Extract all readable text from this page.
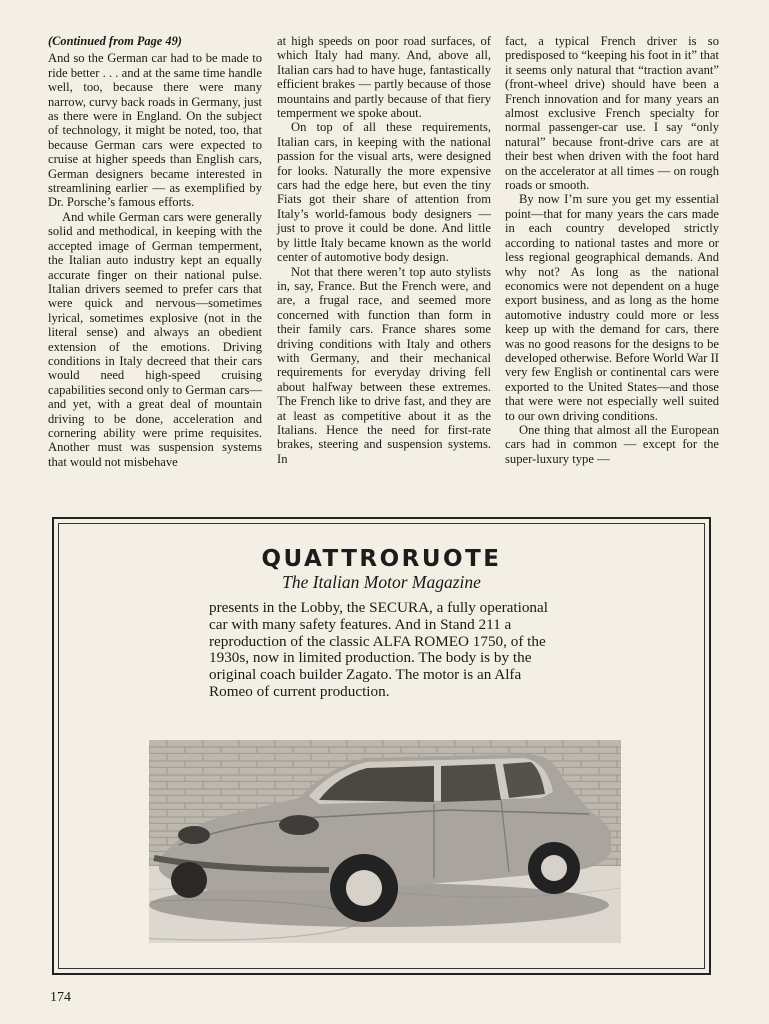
(Continued from Page 49)

And so the German car had to be made to ride better . . . and at the same time handle well, too, because there were many narrow, curvy back roads in Germany, just as there were in England. On the subject of technology, it might be noted, too, that because German cars were expected to cruise at higher speeds than English cars, German designers became interested in streamlining earlier — as exemplified by Dr. Porsche’s famous efforts.

And while German cars were generally solid and methodical, in keeping with the accepted image of German temperment, the Italian auto industry kept an equally accurate finger on their national pulse. Italian drivers seemed to prefer cars that were quick and nervous—sometimes lyrical, sometimes explosive (not in the literal sense) and always an obedient extension of the emotions. Driving conditions in Italy decreed that their cars would need high-speed cruising capabilities second only to German cars—and yet, with a great deal of mountain driving to be done, acceleration and cornering ability were prime requisites. Another must was suspension systems that would not misbehave

at high speeds on poor road surfaces, of which Italy had many. And, above all, Italian cars had to have huge, fantastically efficient brakes — partly because of those mountains and partly because of that fiery temperment we spoke about.

On top of all these requirements, Italian cars, in keeping with the national passion for the visual arts, were designed for looks. Naturally the more expensive cars had the edge here, but even the tiny Fiats got their share of attention from Italy’s world-famous body designers —just to prove it could be done. And little by little Italy became known as the world center of automotive body design.

Not that there weren’t top auto stylists in, say, France. But the French were, and are, a frugal race, and seemed more concerned with function than form in their family cars. France shares some driving conditions with Italy and others with Germany, and their mechanical requirements for everyday driving fell about halfway between these extremes. The French like to drive fast, and they are at least as competitive about it as the Italians. Hence the need for first-rate brakes, steering and suspension systems. In

fact, a typical French driver is so predisposed to “keeping his foot in it” that it seems only natural that “traction avant” (front-wheel drive) should have been a French innovation and for many years an almost exclusive French specialty for normal passenger-car use. I say “only natural” because front-drive cars are at their best when driven with the foot hard on the accelerator at all times — on rough roads or smooth.

By now I’m sure you get my essential point—that for many years the cars made in each country developed strictly according to national tastes and more or less regional geographical demands. And why not? As long as the national economics were not dependent on a huge export business, and as long as the home automotive industry could more or less keep up with the demand for cars, there was no good reasons for the designs to be developed otherwise. Before World War II very few English or continental cars were exported to the United States—and those that were were not especially well suited to our own driving conditions.

One thing that almost all the European cars had in common — except for the super-luxury type —

QUATTRORUOTE
The Italian Motor Magazine
presents in the Lobby, the SECURA, a fully operational car with many safety features. And in Stand 211 a reproduction of the classic ALFA ROMEO 1750, of the 1930s, now in limited production. The body is by the original coach builder Zagato. The motor is an Alfa Romeo of current production.
174
